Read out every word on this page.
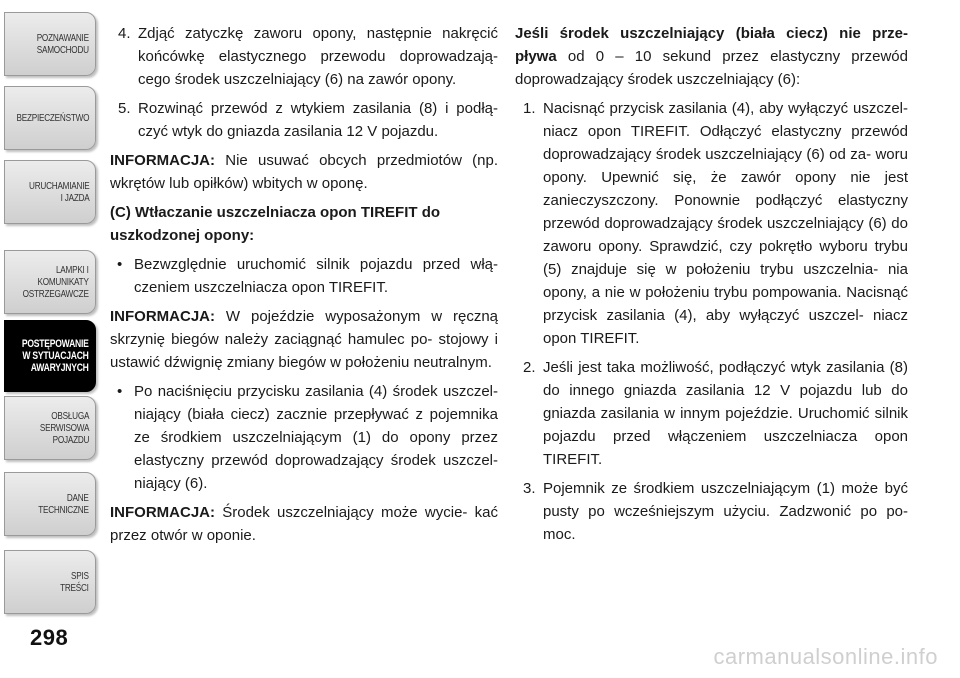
POZNAWANIE
SAMOCHODU
BEZPIECZEŃSTWO
URUCHAMIANIE
I JAZDA
LAMPKI I
KOMUNIKATY
OSTRZEGAWCZE
POSTĘPOWANIE
W SYTUACJACH
AWARYJNYCH
OBSŁUGA
SERWISOWA
POJAZDU
DANE
TECHNICZNE
SPIS
TREŚCI
298

4. Zdjąć zatyczkę zaworu opony, następnie nakręcić końcówkę elastycznego przewodu doprowadzają- cego środek uszczelniający (6) na zawór opony.

5. Rozwinąć przewód z wtykiem zasilania (8) i podłą- czyć wtyk do gniazda zasilania 12 V pojazdu.

INFORMACJA: Nie usuwać obcych przedmiotów (np. wkrętów lub opiłków) wbitych w oponę.

(C) Wtłaczanie uszczelniacza opon TIREFIT do uszkodzonej opony:

• Bezwzględnie uruchomić silnik pojazdu przed włą- czeniem uszczelniacza opon TIREFIT.

INFORMACJA: W pojeździe wyposażonym w ręczną skrzynię biegów należy zaciągnąć hamulec po- stojowy i ustawić dźwignię zmiany biegów w położeniu neutralnym.

• Po naciśnięciu przycisku zasilania (4) środek uszczel- niający (biała ciecz) zacznie przepływać z pojemnika ze środkiem uszczelniającym (1) do opony przez elastyczny przewód doprowadzający środek uszczel- niający (6).

INFORMACJA: Środek uszczelniający może wycie- kać przez otwór w oponie.

Jeśli środek uszczelniający (biała ciecz) nie prze- pływa od 0 – 10 sekund przez elastyczny przewód doprowadzający środek uszczelniający (6):

1. Nacisnąć przycisk zasilania (4), aby wyłączyć uszczel- niacz opon TIREFIT. Odłączyć elastyczny przewód doprowadzający środek uszczelniający (6) od za- woru opony. Upewnić się, że zawór opony nie jest zanieczyszczony. Ponownie podłączyć elastyczny przewód doprowadzający środek uszczelniający (6) do zaworu opony. Sprawdzić, czy pokrętło wyboru trybu (5) znajduje się w położeniu trybu uszczelnia- nia opony, a nie w położeniu trybu pompowania. Nacisnąć przycisk zasilania (4), aby wyłączyć uszczel- niacz opon TIREFIT.

2. Jeśli jest taka możliwość, podłączyć wtyk zasilania (8) do innego gniazda zasilania 12 V pojazdu lub do gniazda zasilania w innym pojeździe. Uruchomić silnik pojazdu przed włączeniem uszczelniacza opon TIREFIT.

3. Pojemnik ze środkiem uszczelniającym (1) może być pusty po wcześniejszym użyciu. Zadzwonić po po- moc.

carmanualsonline.info
